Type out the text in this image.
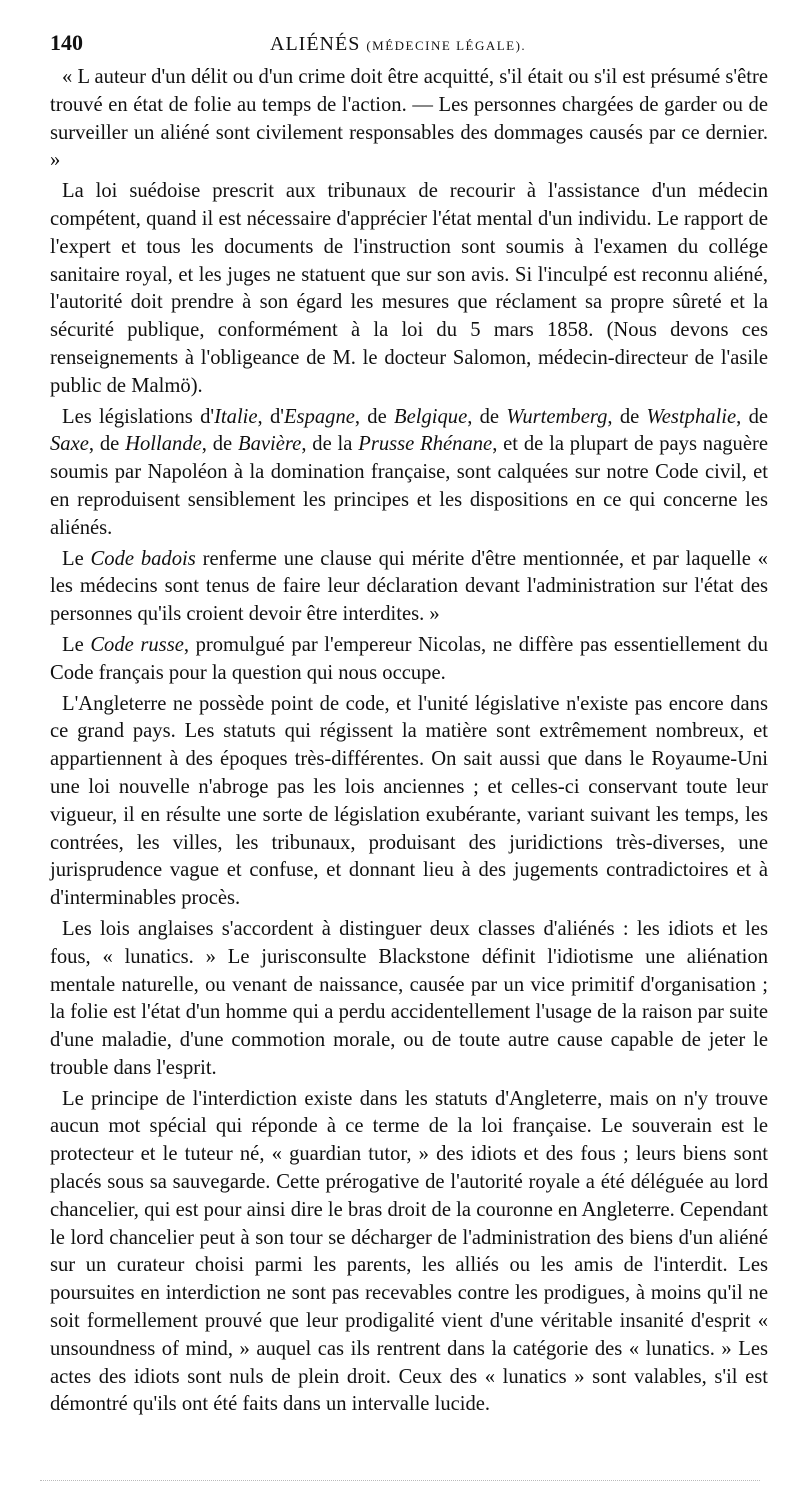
140	ALIÉNÉS (MÉDECINE LÉGALE).

« L auteur d'un délit ou d'un crime doit être acquitté, s'il était ou s'il est présumé s'être trouvé en état de folie au temps de l'action. — Les personnes chargées de garder ou de surveiller un aliéné sont civilement responsables des dommages causés par ce dernier. »

La loi suédoise prescrit aux tribunaux de recourir à l'assistance d'un médecin compétent, quand il est nécessaire d'apprécier l'état mental d'un individu. Le rapport de l'expert et tous les documents de l'instruction sont soumis à l'examen du collége sanitaire royal, et les juges ne statuent que sur son avis. Si l'inculpé est reconnu aliéné, l'autorité doit prendre à son égard les mesures que réclament sa propre sûreté et la sécurité publique, conformément à la loi du 5 mars 1858. (Nous devons ces renseignements à l'obligeance de M. le docteur Salomon, médecin-directeur de l'asile public de Malmö).

Les législations d'Italie, d'Espagne, de Belgique, de Wurtemberg, de Westphalie, de Saxe, de Hollande, de Bavière, de la Prusse Rhénane, et de la plupart de pays naguère soumis par Napoléon à la domination française, sont calquées sur notre Code civil, et en reproduisent sensiblement les principes et les dispositions en ce qui concerne les aliénés.

Le Code badois renferme une clause qui mérite d'être mentionnée, et par laquelle « les médecins sont tenus de faire leur déclaration devant l'administration sur l'état des personnes qu'ils croient devoir être interdites. »

Le Code russe, promulgué par l'empereur Nicolas, ne diffère pas essentiellement du Code français pour la question qui nous occupe.

L'Angleterre ne possède point de code, et l'unité législative n'existe pas encore dans ce grand pays. Les statuts qui régissent la matière sont extrêmement nombreux, et appartiennent à des époques très-différentes. On sait aussi que dans le Royaume-Uni une loi nouvelle n'abroge pas les lois anciennes ; et celles-ci conservant toute leur vigueur, il en résulte une sorte de législation exubérante, variant suivant les temps, les contrées, les villes, les tribunaux, produisant des juridictions très-diverses, une jurisprudence vague et confuse, et donnant lieu à des jugements contradictoires et à d'interminables procès.

Les lois anglaises s'accordent à distinguer deux classes d'aliénés : les idiots et les fous, « lunatics. » Le jurisconsulte Blackstone définit l'idiotisme une aliénation mentale naturelle, ou venant de naissance, causée par un vice primitif d'organisation ; la folie est l'état d'un homme qui a perdu accidentellement l'usage de la raison par suite d'une maladie, d'une commotion morale, ou de toute autre cause capable de jeter le trouble dans l'esprit.

Le principe de l'interdiction existe dans les statuts d'Angleterre, mais on n'y trouve aucun mot spécial qui réponde à ce terme de la loi française. Le souverain est le protecteur et le tuteur né, « guardian tutor, » des idiots et des fous ; leurs biens sont placés sous sa sauvegarde. Cette prérogative de l'autorité royale a été déléguée au lord chancelier, qui est pour ainsi dire le bras droit de la couronne en Angleterre. Cependant le lord chancelier peut à son tour se décharger de l'administration des biens d'un aliéné sur un curateur choisi parmi les parents, les alliés ou les amis de l'interdit. Les poursuites en interdiction ne sont pas recevables contre les prodigues, à moins qu'il ne soit formellement prouvé que leur prodigalité vient d'une véritable insanité d'esprit « unsoundness of mind, » auquel cas ils rentrent dans la catégorie des « lunatics. » Les actes des idiots sont nuls de plein droit. Ceux des « lunatics » sont valables, s'il est démontré qu'ils ont été faits dans un intervalle lucide.
